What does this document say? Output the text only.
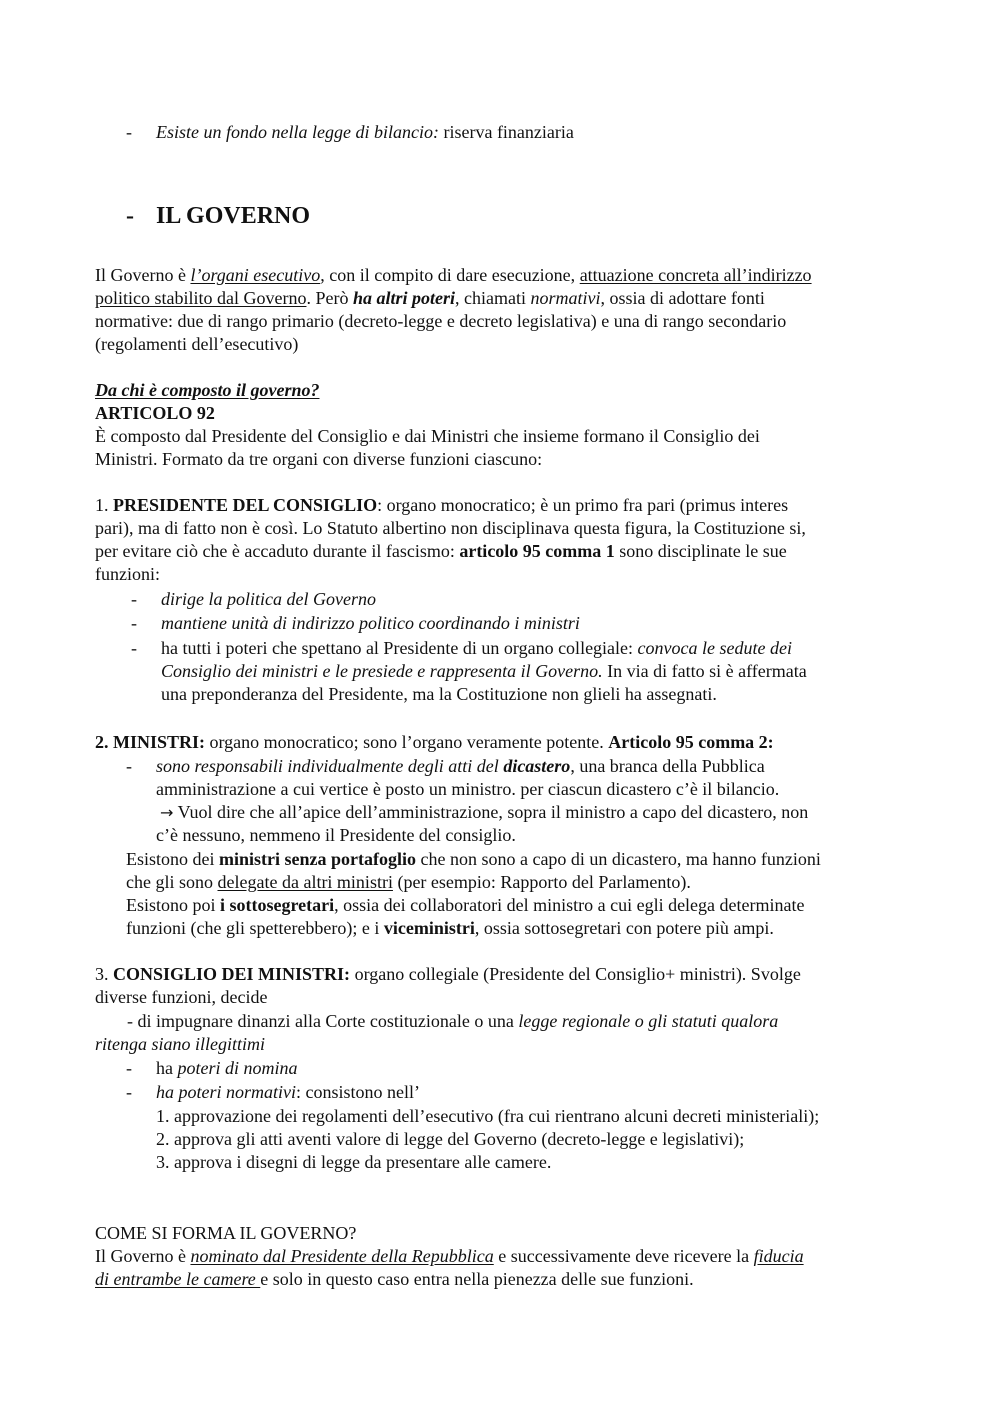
- Esiste un fondo nella legge di bilancio: riserva finanziaria
- IL GOVERNO
Il Governo è l’organi esecutivo, con il compito di dare esecuzione, attuazione concreta all’indirizzo
politico stabilito dal Governo. Però ha altri poteri, chiamati normativi, ossia di adottare fonti
normative: due di rango primario (decreto-legge e decreto legislativa) e una di rango secondario
(regolamenti dell’esecutivo)
Da chi è composto il governo?
ARTICOLO 92
È composto dal Presidente del Consiglio e dai Ministri che insieme formano il Consiglio dei
Ministri. Formato da tre organi con diverse funzioni ciascuno:
1. PRESIDENTE DEL CONSIGLIO: organo monocratico; è un primo fra pari (primus interes
pari), ma di fatto non è così. Lo Statuto albertino non disciplinava questa figura, la Costituzione si,
per evitare ciò che è accaduto durante il fascismo: articolo 95 comma 1 sono disciplinate le sue
funzioni:
- dirige la politica del Governo
- mantiene unità di indirizzo politico coordinando i ministri
- ha tutti i poteri che spettano al Presidente di un organo collegiale: convoca le sedute dei
Consiglio dei ministri e le presiede e rappresenta il Governo. In via di fatto si è affermata
una preponderanza del Presidente, ma la Costituzione non glieli ha assegnati.
2. MINISTRI: organo monocratico; sono l’organo veramente potente. Articolo 95 comma 2:
- sono responsabili individualmente degli atti del dicastero, una branca della Pubblica
amministrazione a cui vertice è posto un ministro. per ciascun dicastero c’è il bilancio.
→ Vuol dire che all’apice dell’amministrazione, sopra il ministro a capo del dicastero, non
c’è nessuno, nemmeno il Presidente del consiglio.
Esistono dei ministri senza portafoglio che non sono a capo di un dicastero, ma hanno funzioni
che gli sono delegate da altri ministri (per esempio: Rapporto del Parlamento).
Esistono poi i sottosegretari, ossia dei collaboratori del ministro a cui egli delega determinate
funzioni (che gli spetterebbero); e i viceministri, ossia sottosegretari con potere più ampi.
3. CONSIGLIO DEI MINISTRI: organo collegiale (Presidente del Consiglio+ ministri). Svolge
diverse funzioni, decide
- di impugnare dinanzi alla Corte costituzionale o una legge regionale o gli statuti qualora
ritenga siano illegittimi
- ha poteri di nomina
- ha poteri normativi: consistono nell’
1. approvazione dei regolamenti dell’esecutivo (fra cui rientrano alcuni decreti ministeriali);
2. approva gli atti aventi valore di legge del Governo (decreto-legge e legislativi);
3. approva i disegni di legge da presentare alle camere.
COME SI FORMA IL GOVERNO?
Il Governo è nominato dal Presidente della Repubblica e successivamente deve ricevere la fiducia
di entrambe le camere e solo in questo caso entra nella pienezza delle sue funzioni.
